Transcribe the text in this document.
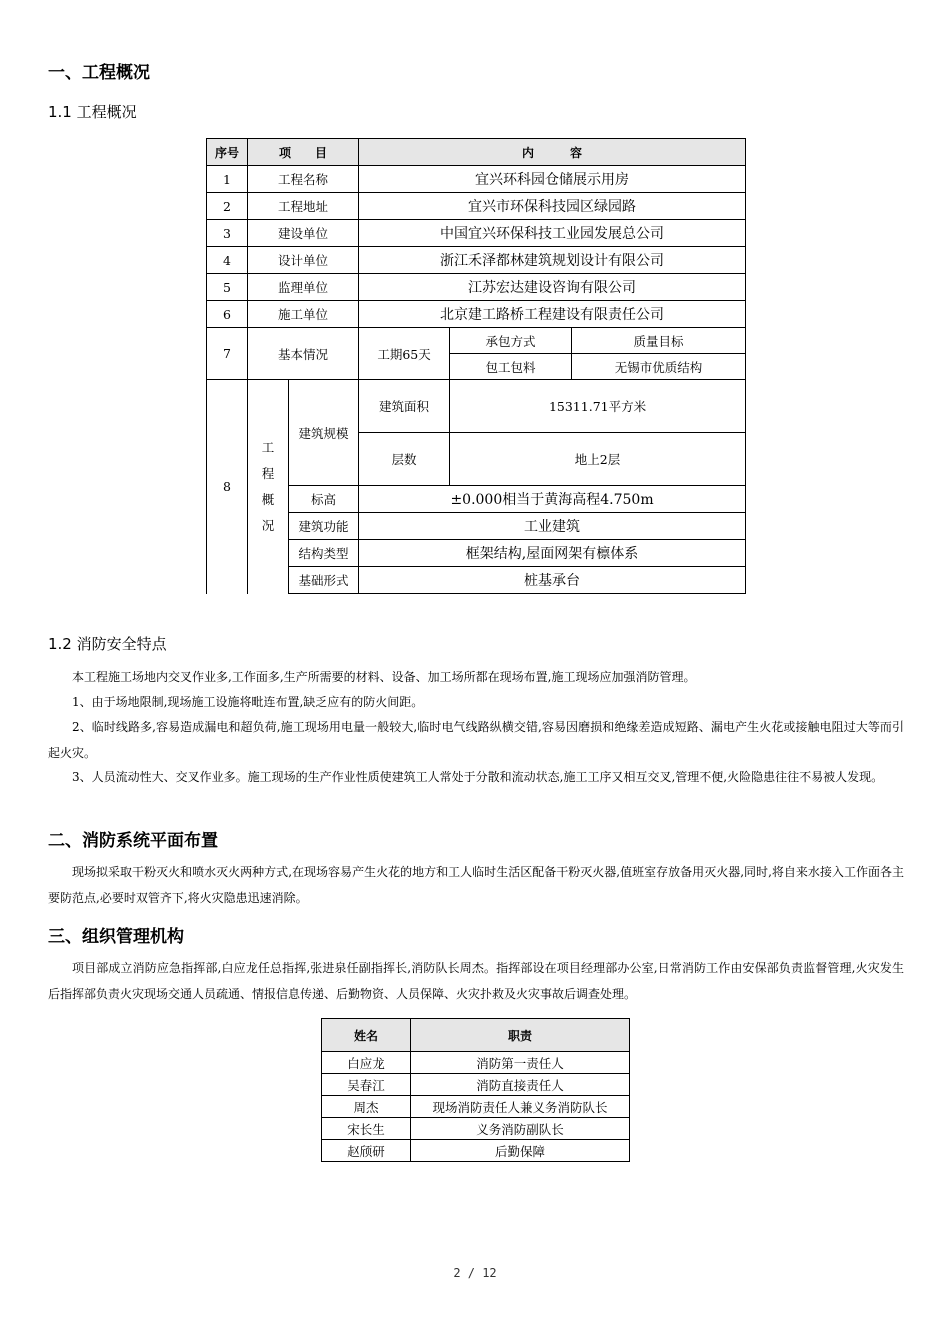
一、工程概况

1.1 工程概况

序号	项　　目		内　　　容		
1	工程名称		宜兴环科园仓储展示用房		
2	工程地址		宜兴市环保科技园区绿园路		
3	建设单位		中国宜兴环保科技工业园发展总公司		
4	设计单位		浙江禾泽都林建筑规划设计有限公司		
5	监理单位		江苏宏达建设咨询有限公司		
6	施工单位		北京建工路桥工程建设有限责任公司		
7	基本情况		工期65天	承包方式	质量目标
				包工包料	无锡市优质结构
8	工
程
概
况	建筑规模	建筑面积	15311.71平方米	
			层数	地上2层	
		标高	±0.000相当于黄海高程4.750m		
		建筑功能	工业建筑		
		结构类型	框架结构,屋面网架有檩体系		
		基础形式	桩基承台		

1.2 消防安全特点

本工程施工场地内交叉作业多,工作面多,生产所需要的材料、设备、加工场所都在现场布置,施工现场应加强消防管理。

1、由于场地限制,现场施工设施将毗连布置,缺乏应有的防火间距。

2、临时线路多,容易造成漏电和超负荷,施工现场用电量一般较大,临时电气线路纵横交错,容易因磨损和绝缘差造成短路、漏电产生火花或接触电阻过大等而引起火灾。

3、人员流动性大、交叉作业多。施工现场的生产作业性质使建筑工人常处于分散和流动状态,施工工序又相互交叉,管理不便,火险隐患往往不易被人发现。

二、消防系统平面布置

现场拟采取干粉灭火和喷水灭火两种方式,在现场容易产生火花的地方和工人临时生活区配备干粉灭火器,值班室存放备用灭火器,同时,将自来水接入工作面各主要防范点,必要时双管齐下,将火灾隐患迅速消除。

三、组织管理机构

项目部成立消防应急指挥部,白应龙任总指挥,张进泉任副指挥长,消防队长周杰。指挥部设在项目经理部办公室,日常消防工作由安保部负责监督管理,火灾发生后指挥部负责火灾现场交通人员疏通、情报信息传递、后勤物资、人员保障、火灾扑救及火灾事故后调查处理。

姓名	职责
白应龙	消防第一责任人
吴春江	消防直接责任人
周杰	现场消防责任人兼义务消防队长
宋长生	义务消防副队长
赵颀研	后勤保障
2 / 12
